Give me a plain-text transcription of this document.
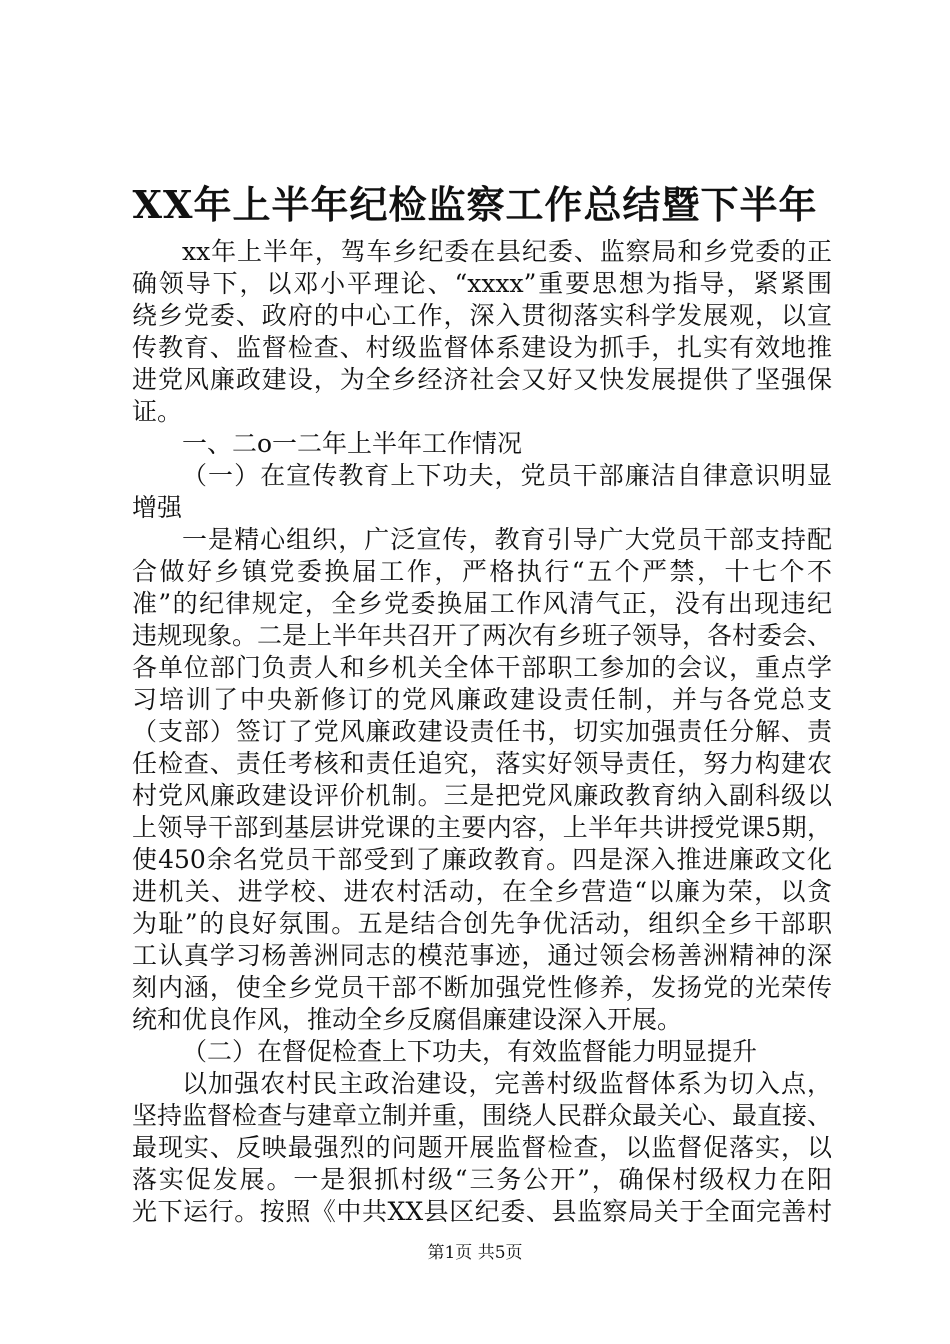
XX年上半年纪检监察工作总结暨下半年
xx年上半年，驾车乡纪委在县纪委、监察局和乡党委的正
确领导下，以邓小平理论、“xxxx”重要思想为指导，紧紧围
绕乡党委、政府的中心工作，深入贯彻落实科学发展观，以宣
传教育、监督检查、村级监督体系建设为抓手，扎实有效地推
进党风廉政建设，为全乡经济社会又好又快发展提供了坚强保
证。
一、二o一二年上半年工作情况
（一）在宣传教育上下功夫，党员干部廉洁自律意识明显
增强
一是精心组织，广泛宣传，教育引导广大党员干部支持配
合做好乡镇党委换届工作，严格执行“五个严禁，十七个不
准”的纪律规定，全乡党委换届工作风清气正，没有出现违纪
违规现象。二是上半年共召开了两次有乡班子领导，各村委会、
各单位部门负责人和乡机关全体干部职工参加的会议，重点学
习培训了中央新修订的党风廉政建设责任制，并与各党总支
（支部）签订了党风廉政建设责任书，切实加强责任分解、责
任检查、责任考核和责任追究，落实好领导责任，努力构建农
村党风廉政建设评价机制。三是把党风廉政教育纳入副科级以
上领导干部到基层讲党课的主要内容，上半年共讲授党课5期，
使450余名党员干部受到了廉政教育。四是深入推进廉政文化
进机关、进学校、进农村活动，在全乡营造“以廉为荣，以贪
为耻”的良好氛围。五是结合创先争优活动，组织全乡干部职
工认真学习杨善洲同志的模范事迹，通过领会杨善洲精神的深
刻内涵，使全乡党员干部不断加强党性修养，发扬党的光荣传
统和优良作风，推动全乡反腐倡廉建设深入开展。
（二）在督促检查上下功夫，有效监督能力明显提升
以加强农村民主政治建设，完善村级监督体系为切入点，
坚持监督检查与建章立制并重，围绕人民群众最关心、最直接、
最现实、反映最强烈的问题开展监督检查，以监督促落实，以
落实促发展。一是狠抓村级“三务公开”，确保村级权力在阳
光下运行。按照《中共XX县区纪委、县监察局关于全面完善村
第1页 共5页
